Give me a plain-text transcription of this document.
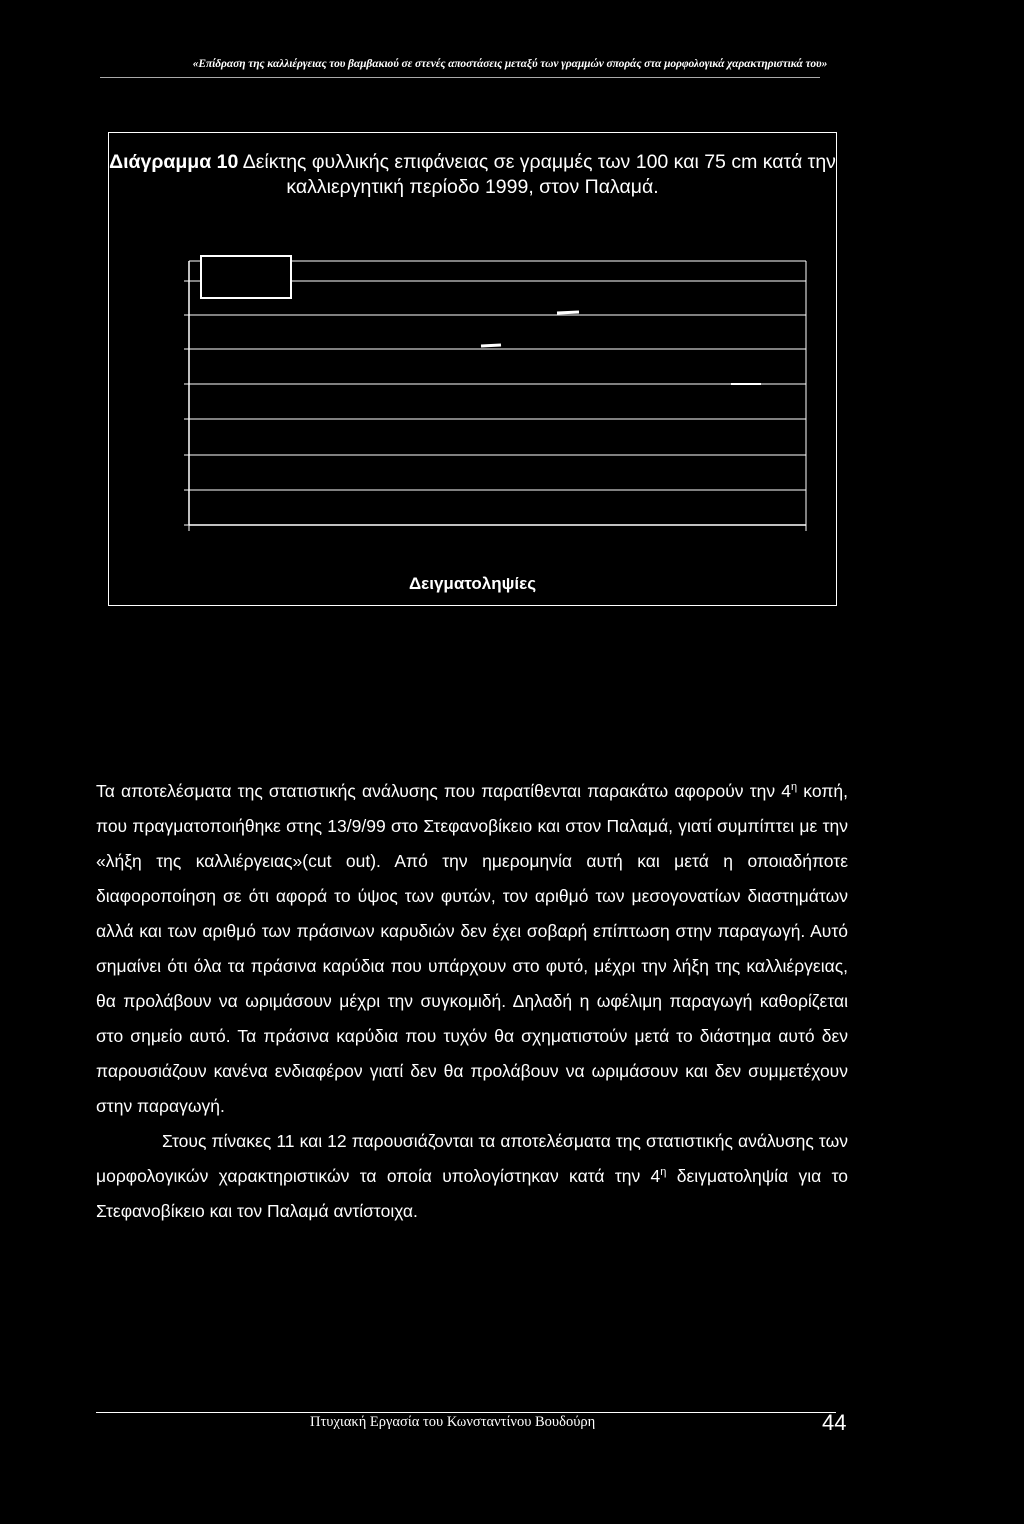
«Επίδραση της καλλιέργειας του βαμβακιού σε στενές αποστάσεις μεταξύ των γραμμών σποράς στα μορφολογικά χαρακτηριστικά του»
Διάγραμμα 10 Δείκτης φυλλικής επιφάνειας σε γραμμές των 100 και 75 cm κατά την καλλιεργητική περίοδο 1999, στον Παλαμά.
Δειγματοληψίες

Τα αποτελέσματα της στατιστικής ανάλυσης που παρατίθενται παρακάτω αφορούν την $4^\eta$ κοπή, που πραγματοποιήθηκε στης 13/9/99 στο Στεφανοβίκειο και στον Παλαμά, γιατί συμπίπτει με την «λήξη της καλλιέργειας»(cut out). Από την ημερομηνία αυτή και μετά η οποιαδήποτε διαφοροποίηση σε ότι αφορά το ύψος των φυτών, τον αριθμό των μεσογονατίων διαστημάτων αλλά και των αριθμό των πράσινων καρυδιών δεν έχει σοβαρή επίπτωση στην παραγωγή. Αυτό σημαίνει ότι όλα τα πράσινα καρύδια που υπάρχουν στο φυτό, μέχρι την λήξη της καλλιέργειας, θα προλάβουν να ωριμάσουν μέχρι την συγκομιδή. Δηλαδή η ωφέλιμη παραγωγή καθορίζεται στο σημείο αυτό. Τα πράσινα καρύδια που τυχόν θα σχηματιστούν μετά το διάστημα αυτό δεν παρουσιάζουν κανένα ενδιαφέρον γιατί δεν θα προλάβουν να ωριμάσουν και δεν συμμετέχουν στην παραγωγή.

Στους πίνακες 11 και 12 παρουσιάζονται τα αποτελέσματα της στατιστικής ανάλυσης των μορφολογικών χαρακτηριστικών τα οποία υπολογίστηκαν κατά την $4^\eta$ δειγματοληψία για το Στεφανοβίκειο και τον Παλαμά αντίστοιχα.

Πτυχιακή Εργασία του Κωνσταντίνου Βουδούρη	44
